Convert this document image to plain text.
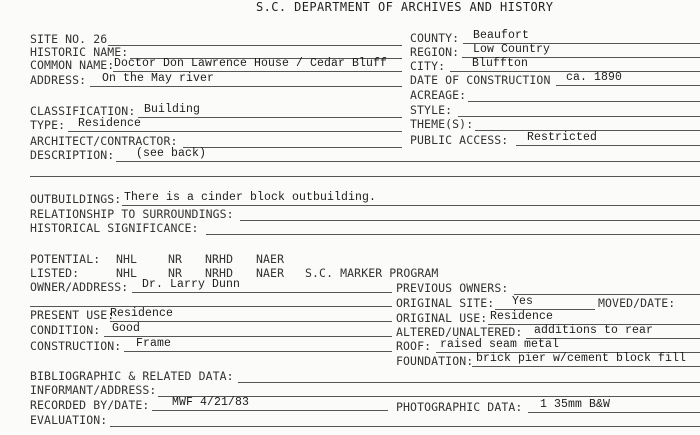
S.C. DEPARTMENT OF ARCHIVES AND HISTORY
SITE NO. 26
HISTORIC NAME:
COMMON NAME: Doctor Don Lawrence House / Cedar Bluff
ADDRESS: On the May river
CLASSIFICATION: Building
TYPE: Residence
ARCHITECT/CONTRACTOR:
DESCRIPTION: (see back)
COUNTY: Beaufort
REGION: Low Country
CITY: Bluffton
DATE OF CONSTRUCTION ca. 1890
ACREAGE:
STYLE:
THEME(S):
PUBLIC ACCESS: Restricted
OUTBUILDINGS: There is a cinder block outbuilding.
RELATIONSHIP TO SURROUNDINGS:
HISTORICAL SIGNIFICANCE:
POTENTIAL: NHL	NR NRHD NAER
LISTED:	NHL	NR NRHD NAER S.C. MARKER PROGRAM
OWNER/ADDRESS: Dr. Larry Dunn	PREVIOUS OWNERS:
ORIGINAL SITE: Yes	MOVED/DATE:
PRESENT USE:
Residence	ORIGINAL USE: Residence
CONDITION: Good	ALTERED/UNALTERED: additions to rear
CONSTRUCTION: Frame	ROOF: raised seam metal
FOUNDATION: brick pier w/cement block fill
BIBLIOGRAPHIC & RELATED DATA:
INFORMANT/ADDRESS:
RECORDED BY/DATE: MWF 4/21/83	PHOTOGRAPHIC DATA: 1 35mm B&W
EVALUATION:
